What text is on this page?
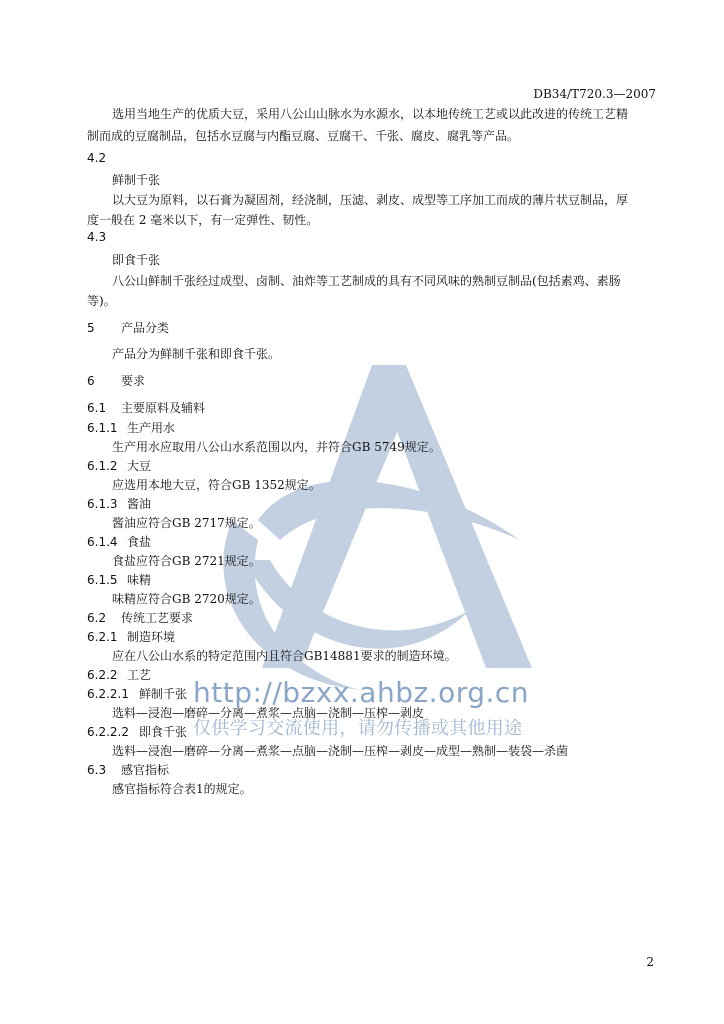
DB34/T720.3—2007
选用当地生产的优质大豆，采用八公山山脉水为水源水，以本地传统工艺或以此改进的传统工艺精
制而成的豆腐制品，包括水豆腐与内酯豆腐、豆腐干、千张、腐皮、腐乳等产品。
4.2
鲜制千张
以大豆为原料，以石膏为凝固剂，经浇制，压滤、剥皮、成型等工序加工而成的薄片状豆制品，厚
度一般在 2 毫米以下，有一定弹性、韧性。
4.3
即食千张
八公山鲜制千张经过成型、卤制、油炸等工艺制成的具有不同风味的熟制豆制品(包括素鸡、素肠
等)。
5 产品分类
产品分为鲜制千张和即食千张。
6 要求
6.1 主要原料及辅料
6.1.1 生产用水
生产用水应取用八公山水系范围以内，并符合GB 5749规定。
6.1.2 大豆
应选用本地大豆，符合GB 1352规定。
6.1.3 酱油
酱油应符合GB 2717规定。
6.1.4 食盐
食盐应符合GB 2721规定。
6.1.5 味精
味精应符合GB 2720规定。
6.2 传统工艺要求
6.2.1 制造环境
应在八公山水系的特定范围内且符合GB14881要求的制造环境。
6.2.2 工艺
6.2.2.1 鲜制千张
选料—浸泡—磨碎—分离—煮浆—点脑—浇制—压榨—剥皮
6.2.2.2 即食千张
选料—浸泡—磨碎—分离—煮浆—点脑—浇制—压榨—剥皮—成型—熟制—装袋—杀菌
6.3 感官指标
感官指标符合表1的规定。
http://bzxx.ahbz.org.cn
仅供学习交流使用，请勿传播或其他用途
2
